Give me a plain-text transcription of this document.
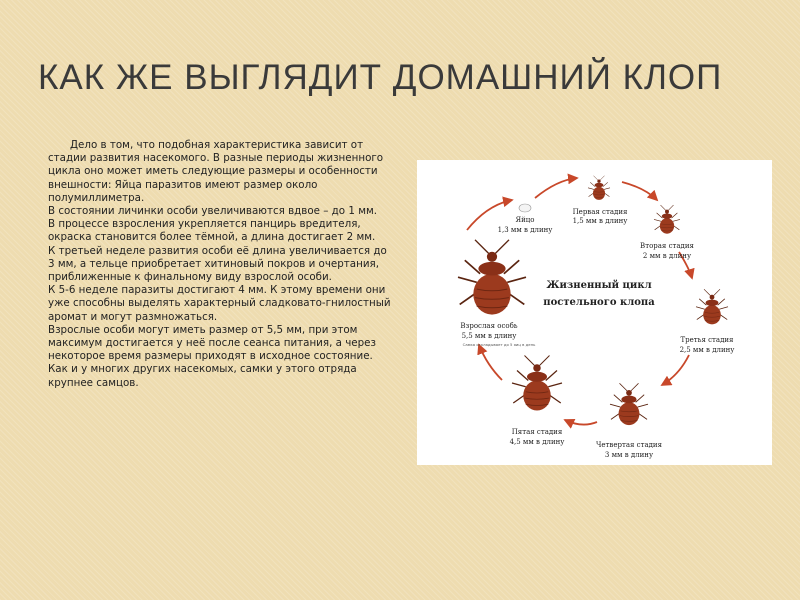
КАК ЖЕ ВЫГЛЯДИТ ДОМАШНИЙ КЛОП

Дело в том, что подобная характеристика зависит от стадии развития насекомого. В разные периоды жизненного цикла оно может иметь следующие размеры и особенности внешности: Яйца паразитов имеют размер около полумиллиметра.

В состоянии личинки особи увеличиваются вдвое – до 1 мм.

В процессе взросления укрепляется панцирь вредителя, окраска становится более тёмной, а длина достигает 2 мм.

К третьей неделе развития особи её длина увеличивается до 3 мм, а тельце приобретает хитиновый покров и очертания, приближенные к финальному виду взрослой особи.

К 5-6 неделе паразиты достигают 4 мм. К этому времени они уже способны выделять характерный сладковато-гнилостный аромат и могут размножаться.

Взрослые особи могут иметь размер от 5,5 мм, при этом максимум достигается у неё после сеанса питания, а через некоторое время размеры приходят в исходное состояние. Как и у многих других насекомых, самки у этого отряда крупнее самцов.

Яйцо
1,3 мм в длину
Первая стадия
1,5 мм в длину
Вторая стадия
2 мм в длину
Третья стадия
2,5 мм в длину
Четвертая стадия
3 мм в длину
Пятая стадия
4,5 мм в длину
Взрослая особь
5,5 мм в длину
Самка откладывает до 5 яиц в день
Жизненный цикл
постельного клопа
